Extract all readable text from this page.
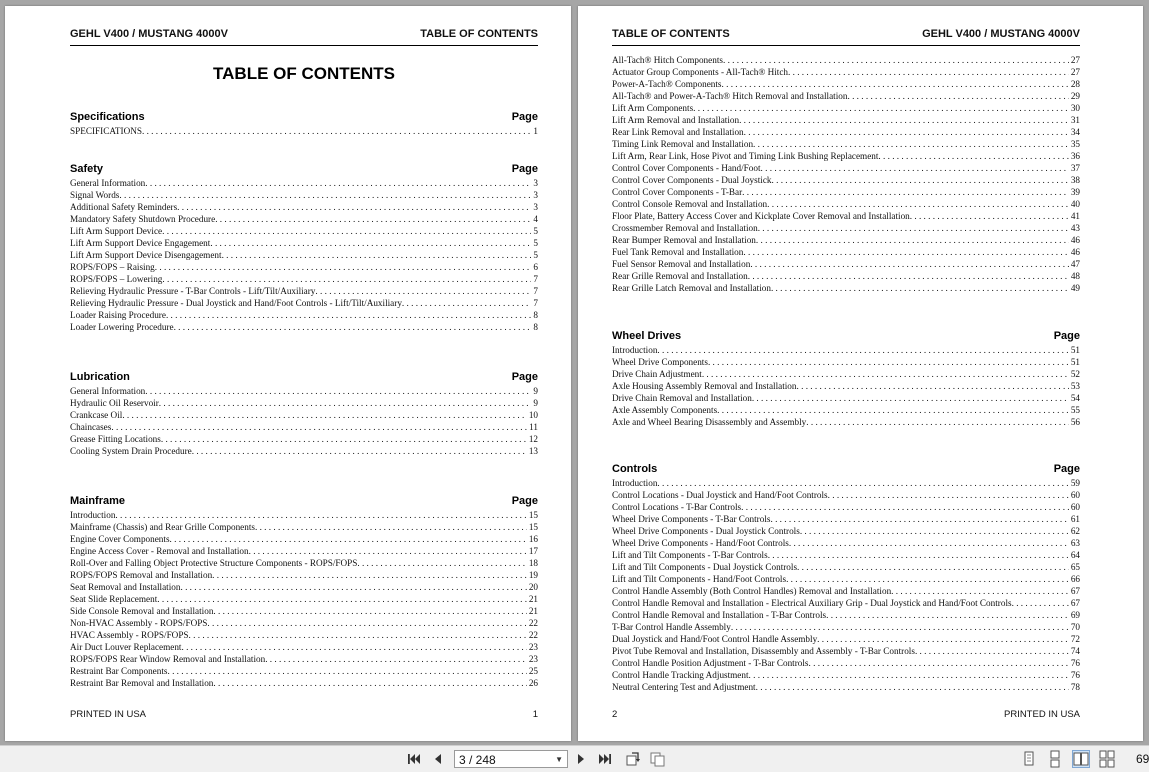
GEHL V400 / MUSTANG 4000V	TABLE OF CONTENTS
TABLE OF CONTENTS
Specifications	Page
SPECIFICATIONS . . .	1
Safety	Page
General Information . . .	3
Signal Words . . .	3
Additional Safety Reminders . . .	3
Mandatory Safety Shutdown Procedure . . .	4
Lift Arm Support Device . . .	5
Lift Arm Support Device Engagement . . .	5
Lift Arm Support Device Disengagement . . .	5
ROPS/FOPS – Raising . . .	6
ROPS/FOPS – Lowering . . .	7
Relieving Hydraulic Pressure - T-Bar Controls - Lift/Tilt/Auxiliary . . .	7
Relieving Hydraulic Pressure - Dual Joystick and Hand/Foot Controls - Lift/Tilt/Auxiliary . . .	7
Loader Raising Procedure . . .	8
Loader Lowering Procedure . . .	8
Lubrication	Page
General Information . . .	9
Hydraulic Oil Reservoir . . .	9
Crankcase Oil . . .	10
Chaincases . . .	11
Grease Fitting Locations . . .	12
Cooling System Drain Procedure . . .	13
Mainframe	Page
Introduction . . .	15
Mainframe (Chassis) and Rear Grille Components . . .	15
Engine Cover Components . . .	16
Engine Access Cover - Removal and Installation . . .	17
Roll-Over and Falling Object Protective Structure Components - ROPS/FOPS . . .	18
ROPS/FOPS Removal and Installation . . .	19
Seat Removal and Installation . . .	20
Seat Slide Replacement . . .	21
Side Console Removal and Installation . . .	21
Non-HVAC Assembly - ROPS/FOPS . . .	22
HVAC Assembly - ROPS/FOPS . . .	22
Air Duct Louver Replacement . . .	23
ROPS/FOPS Rear Window Removal and Installation . . .	23
Restraint Bar Components . . .	25
Restraint Bar Removal and Installation . . .	26
PRINTED IN USA	1
TABLE OF CONTENTS	GEHL V400 / MUSTANG 4000V
All-Tach® Hitch Components . . .	27
Actuator Group Components - All-Tach® Hitch . . .	27
Power-A-Tach® Components . . .	28
All-Tach® and Power-A-Tach® Hitch Removal and Installation . . .	29
Lift Arm Components . . .	30
Lift Arm Removal and Installation . . .	31
Rear Link Removal and Installation . . .	34
Timing Link Removal and Installation . . .	35
Lift Arm, Rear Link, Hose Pivot and Timing Link Bushing Replacement . . .	36
Control Cover Components - Hand/Foot . . .	37
Control Cover Components - Dual Joystick . . .	38
Control Cover Components - T-Bar . . .	39
Control Console Removal and Installation . . .	40
Floor Plate, Battery Access Cover and Kickplate Cover Removal and Installation . . .	41
Crossmember Removal and Installation . . .	43
Rear Bumper Removal and Installation . . .	46
Fuel Tank Removal and Installation . . .	46
Fuel Sensor Removal and Installation . . .	47
Rear Grille Removal and Installation . . .	48
Rear Grille Latch Removal and Installation . . .	49
Wheel Drives	Page
Introduction . . .	51
Wheel Drive Components . . .	51
Drive Chain Adjustment . . .	52
Axle Housing Assembly Removal and Installation . . .	53
Drive Chain Removal and Installation . . .	54
Axle Assembly Components . . .	55
Axle and Wheel Bearing Disassembly and Assembly . . .	56
Controls	Page
Introduction . . .	59
Control Locations - Dual Joystick and Hand/Foot Controls . . .	60
Control Locations - T-Bar Controls . . .	60
Wheel Drive Components - T-Bar Controls . . .	61
Wheel Drive Components - Dual Joystick Controls . . .	62
Wheel Drive Components - Hand/Foot Controls . . .	63
Lift and Tilt Components - T-Bar Controls . . .	64
Lift and Tilt Components - Dual Joystick Controls . . .	65
Lift and Tilt Components - Hand/Foot Controls . . .	66
Control Handle Assembly (Both Control Handles) Removal and Installation . . .	67
Control Handle Removal and Installation - Electrical Auxiliary Grip - Dual Joystick and Hand/Foot Controls . . .	67
Control Handle Removal and Installation - T-Bar Controls . . .	69
T-Bar Control Handle Assembly . . .	70
Dual Joystick and Hand/Foot Control Handle Assembly . . .	72
Pivot Tube Removal and Installation, Disassembly and Assembly - T-Bar Controls . . .	74
Control Handle Position Adjustment - T-Bar Controls . . .	76
Control Handle Tracking Adjustment . . .	76
Neutral Centering Test and Adjustment . . .	78
2	PRINTED IN USA
3 / 248	▼	69
